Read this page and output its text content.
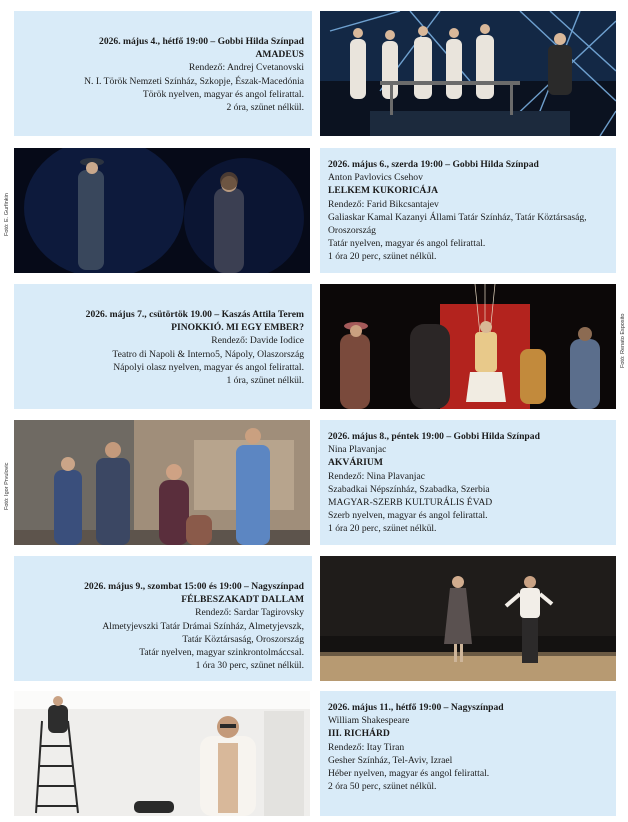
2026. május 4., hétfő 19:00 – Gobbi Hilda Színpad
AMADEUS
Rendező: Andrej Cvetanovski
N. I. Török Nemzeti Színház, Szkopje, Észak-Macedónia
Török nyelven, magyar és angol felirattal.
2 óra, szünet nélkül.
2026. május 6., szerda 19:00 – Gobbi Hilda Színpad
Anton Pavlovics Csehov
LELKEM KUKORICÁJA
Rendező: Farid Bikcsantajev
Galiaskar Kamal Kazanyi Állami Tatár Színház, Tatár Köztársaság, Oroszország
Tatár nyelven, magyar és angol felirattal.
1 óra 20 perc, szünet nélkül.
Fotó: E. Gurfinkin
2026. május 7., csütörtök 19.00 – Kaszás Attila Terem
PINOKKIÓ. MI EGY EMBER?
Rendező: Davide Iodice
Teatro di Napoli & Interno5, Nápoly, Olaszország
Nápolyi olasz nyelven, magyar és angol felirattal.
1 óra, szünet nélkül.
Fotó: Renato Esposito
2026. május 8., péntek 19:00 – Gobbi Hilda Színpad
Nina Plavanjac
AKVÁRIUM
Rendező: Nina Plavanjac
Szabadkai Népszínház, Szabadka, Szerbia
MAGYAR-SZERB KULTURÁLIS ÉVAD
Szerb nyelven, magyar és angol felirattal.
1 óra 20 perc, szünet nélkül.
Fotó: Igor Prvulovic
2026. május 9., szombat 15:00 és 19:00 – Nagyszínpad
FÉLBESZAKADT DALLAM
Rendező: Sardar Tagirovsky
Almetyjevszki Tatár Drámai Színház, Almetyjevszk,
Tatár Köztársaság, Oroszország
Tatár nyelven, magyar szinkrontolmáccsal.
1 óra 30 perc, szünet nélkül.
2026. május 11., hétfő 19:00 – Nagyszínpad
William Shakespeare
III. RICHÁRD
Rendező: Itay Tiran
Gesher Színház, Tel-Aviv, Izrael
Héber nyelven, magyar és angol felirattal.
2 óra 50 perc, szünet nélkül.
